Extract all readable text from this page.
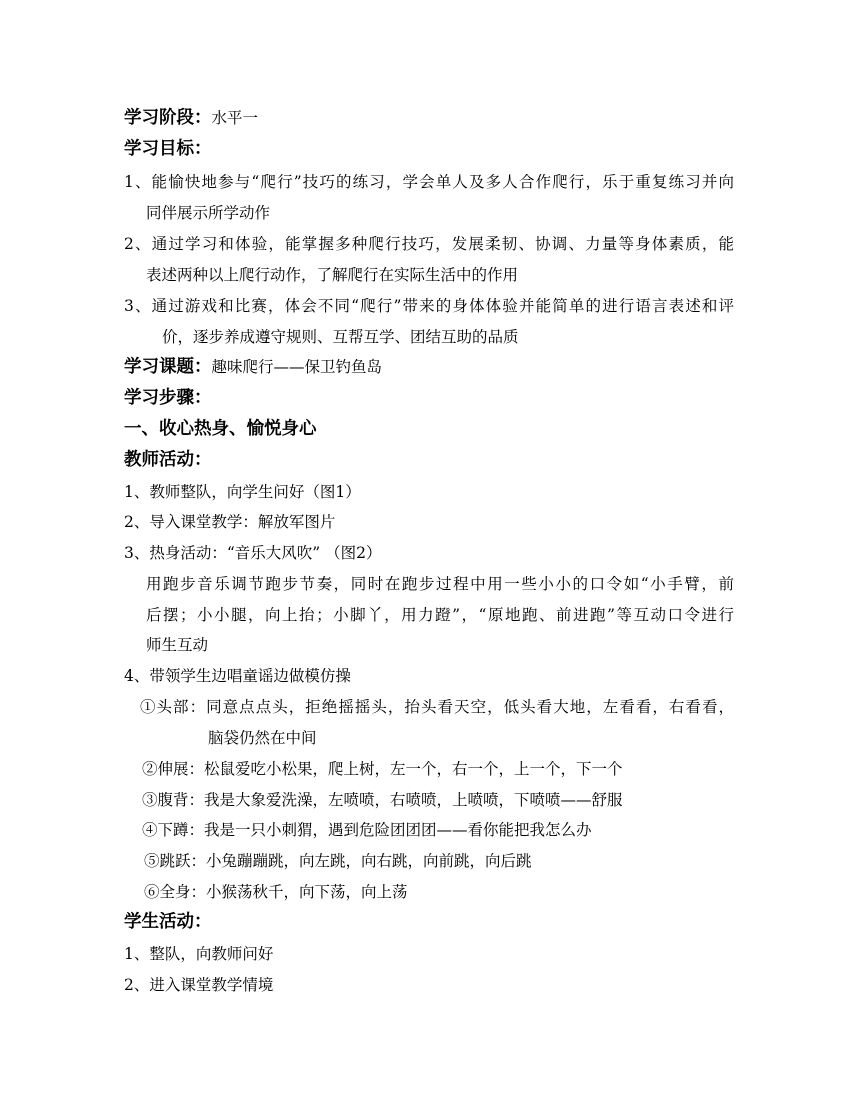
学习阶段：水平一
学习目标：
1、能愉快地参与“爬行”技巧的练习，学会单人及多人合作爬行，乐于重复练习并向
同伴展示所学动作
2、通过学习和体验，能掌握多种爬行技巧，发展柔韧、协调、力量等身体素质，能
表述两种以上爬行动作，了解爬行在实际生活中的作用
3、通过游戏和比赛，体会不同“爬行”带来的身体体验并能简单的进行语言表述和评
价，逐步养成遵守规则、互帮互学、团结互助的品质
学习课题：趣味爬行——保卫钓鱼岛
学习步骤：
一、收心热身、愉悦身心
教师活动：
1、教师整队，向学生问好（图1）
2、导入课堂教学：解放军图片
3、热身活动：“音乐大风吹” （图2）
用跑步音乐调节跑步节奏，同时在跑步过程中用一些小小的口令如“小手臂，前
后摆；小小腿，向上抬；小脚丫，用力蹬”，“原地跑、前进跑”等互动口令进行
师生互动
4、带领学生边唱童谣边做模仿操
①头部：同意点点头，拒绝摇摇头，抬头看天空，低头看大地，左看看，右看看，
脑袋仍然在中间
②伸展：松鼠爱吃小松果，爬上树，左一个，右一个，上一个，下一个
③腹背：我是大象爱洗澡，左喷喷，右喷喷，上喷喷，下喷喷——舒服
④下蹲：我是一只小刺猬，遇到危险团团团——看你能把我怎么办
⑤跳跃：小兔蹦蹦跳，向左跳，向右跳，向前跳，向后跳
⑥全身：小猴荡秋千，向下荡，向上荡
学生活动：
1、整队，向教师问好
2、进入课堂教学情境
